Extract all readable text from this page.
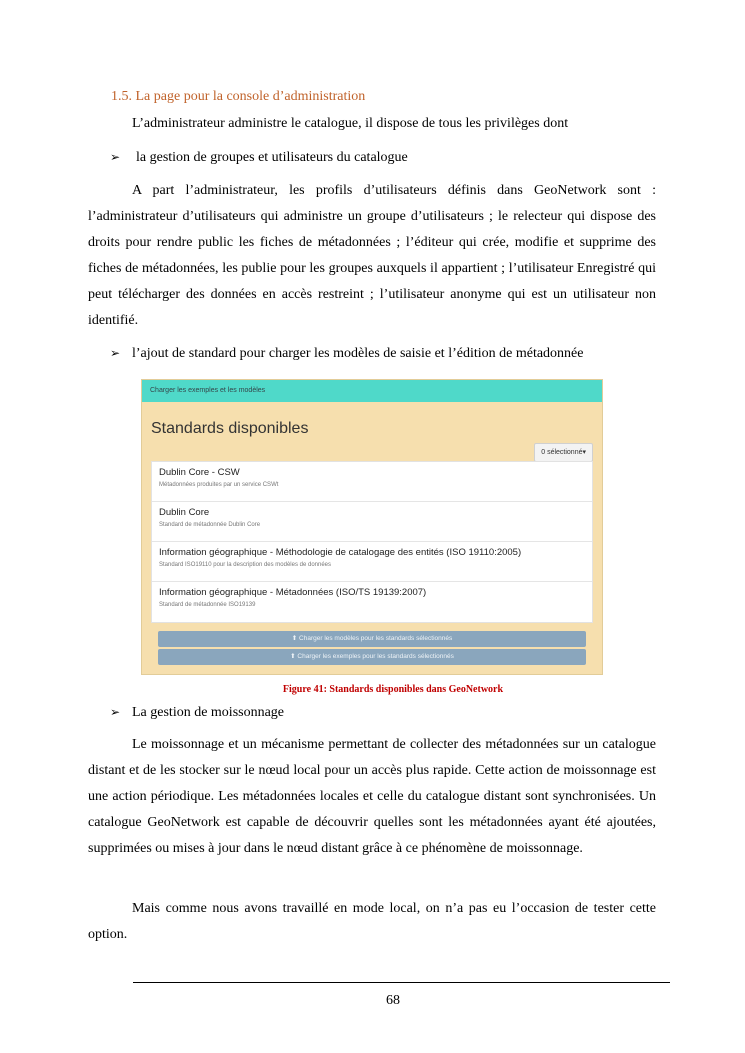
1.5. La page pour la console d’administration
L’administrateur administre le catalogue, il dispose de tous les privilèges dont
➢	la gestion de groupes et utilisateurs du catalogue
A part l’administrateur, les profils d’utilisateurs définis dans GeoNetwork sont : l’administrateur d’utilisateurs qui administre un groupe d’utilisateurs ; le relecteur qui dispose des droits pour rendre public les fiches de métadonnées ; l’éditeur qui crée, modifie et supprime des fiches de métadonnées, les publie pour les groupes auxquels il appartient ; l’utilisateur Enregistré qui peut télécharger des données en accès restreint ; l’utilisateur anonyme qui est un utilisateur non identifié.
➢ l’ajout de standard pour charger les modèles de saisie et l’édition de métadonnée
Charger les exemples et les modèles
Standards disponibles
0 sélectionné▾
Dublin Core - CSW
Métadonnées produites par un service CSWt
Dublin Core
Standard de métadonnée Dublin Core
Information géographique - Méthodologie de catalogage des entités (ISO 19110:2005)
Standard ISO19110 pour la description des modèles de données
Information géographique - Métadonnées (ISO/TS 19139:2007)
Standard de métadonnée ISO19139
⬆ Charger les modèles pour les standards sélectionnés
⬆ Charger les exemples pour les standards sélectionnés
Figure 41: Standards disponibles dans GeoNetwork
➢ La gestion de moissonnage
Le moissonnage et un mécanisme permettant de collecter des métadonnées sur un catalogue distant et de les stocker sur le nœud local pour un accès plus rapide. Cette action de moissonnage est une action périodique. Les métadonnées locales et celle du catalogue distant sont synchronisées. Un catalogue GeoNetwork est capable de découvrir quelles sont les métadonnées ayant été ajoutées, supprimées ou mises à jour dans le nœud distant grâce à ce phénomène de moissonnage.
Mais comme nous avons travaillé en mode local, on n’a pas eu l’occasion de tester cette option.
68
